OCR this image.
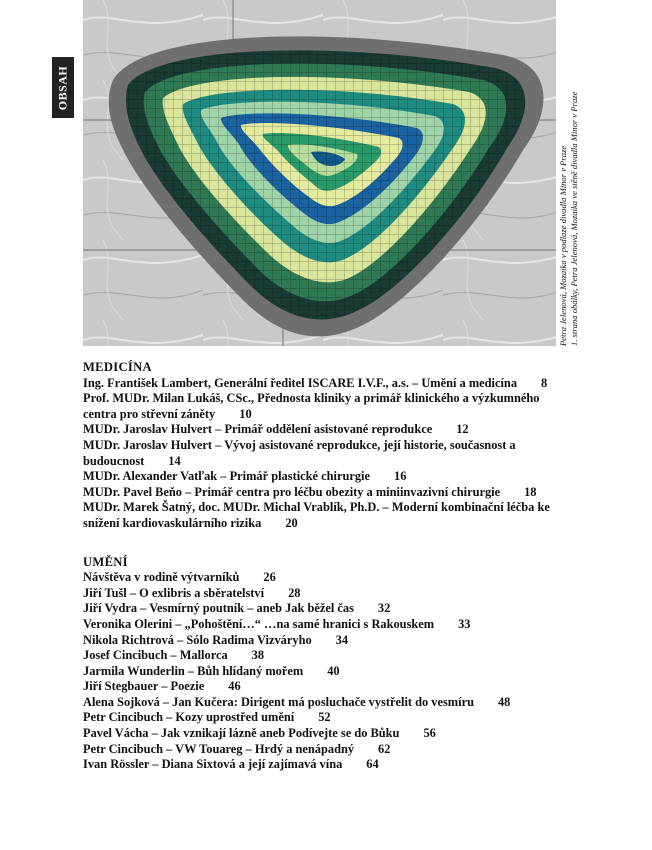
OBSAH
Petra Jelenová, Mozaika v podlaze divadla Minor v Praze 1. strana obálky, Petra Jelenová, Mozaika ve stěně divadla Minor v Praze
MEDICÍNA
Ing. František Lambert, Generální ředitel ISCARE I.V.F., a.s. – Umění a medicína 8
Prof. MUDr. Milan Lukáš, CSc., Přednosta kliniky a primář klinického a výzkumného centra pro střevní záněty 10
MUDr. Jaroslav Hulvert – Primář oddělení asistované reprodukce 12
MUDr. Jaroslav Hulvert – Vývoj asistované reprodukce, její historie, současnost a budoucnost 14
MUDr. Alexander Vatľak – Primář plastické chirurgie 16
MUDr. Pavel Beňo – Primář centra pro léčbu obezity a miniinvazivní chirurgie 18
MUDr. Marek Šatný, doc. MUDr. Michal Vrablík, Ph.D. – Moderní kombinační léčba ke snížení kardiovaskulárního rizika 20
UMĚNÍ
Návštěva v rodině výtvarníků 26
Jiří Tušl – O exlibris a sběratelství 28
Jiří Vydra – Vesmírný poutník – aneb Jak běžel čas 32
Veronika Olerini – „Pohoštění…“ …na samé hranici s Rakouskem 33
Nikola Richtrová – Sólo Radima Vizváryho 34
Josef Cincibuch – Mallorca 38
Jarmila Wunderlin – Bůh hlídaný mořem 40
Jiří Stegbauer – Poezie 46
Alena Sojková – Jan Kučera: Dirigent má posluchače vystřelit do vesmíru 48
Petr Cincibuch – Kozy uprostřed umění 52
Pavel Vácha – Jak vznikají lázně aneb Podívejte se do Bůku 56
Petr Cincibuch – VW Touareg – Hrdý a nenápadný 62
Ivan Rössler – Diana Sixtová a její zajímavá vína 64
